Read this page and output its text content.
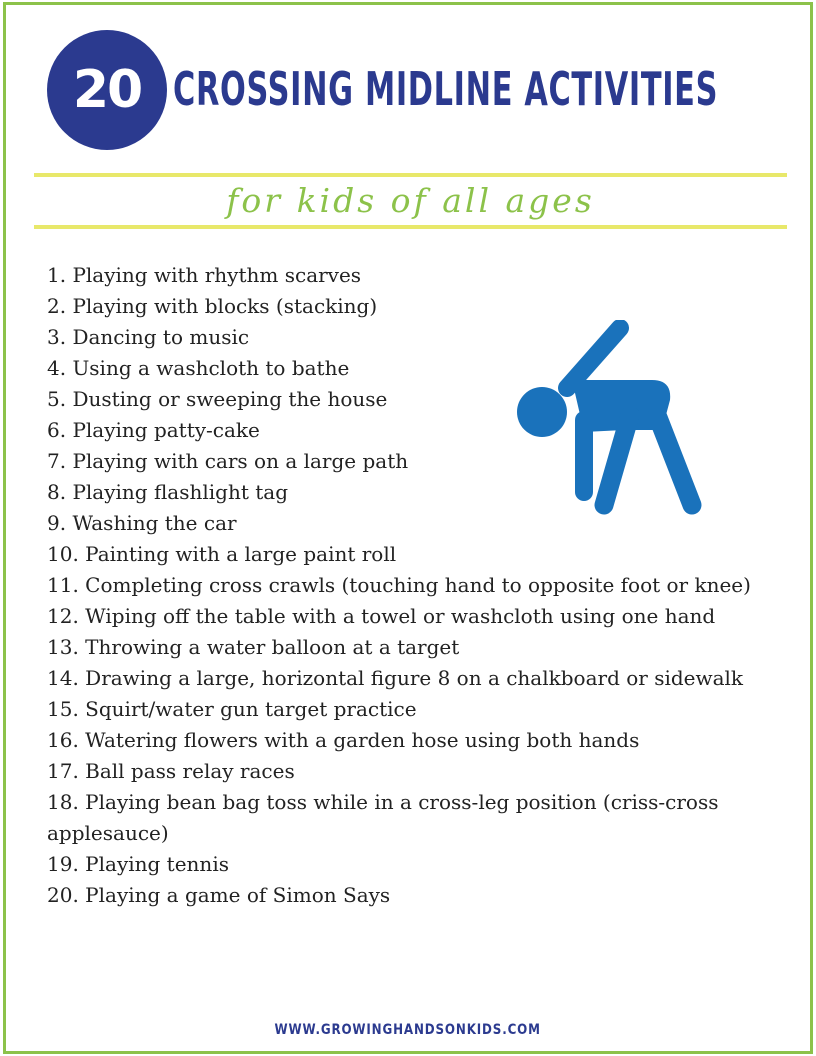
20 CROSSING MIDLINE ACTIVITIES
for kids of all ages
1. Playing with rhythm scarves
2. Playing with blocks (stacking)
3. Dancing to music
4. Using a washcloth to bathe
5. Dusting or sweeping the house
6. Playing patty-cake
7. Playing with cars on a large path
8. Playing flashlight tag
9. Washing the car
10. Painting with a large paint roll
11. Completing cross crawls (touching hand to opposite foot or knee)
12. Wiping off the table with a towel or washcloth using one hand
13. Throwing a water balloon at a target
14. Drawing a large, horizontal figure 8 on a chalkboard or sidewalk
15. Squirt/water gun target practice
16. Watering flowers with a garden hose using both hands
17. Ball pass relay races
18. Playing bean bag toss while in a cross-leg position (criss-cross applesauce)
19. Playing tennis
20. Playing a game of Simon Says
WWW.GROWINGHANDSONKIDS.COM
